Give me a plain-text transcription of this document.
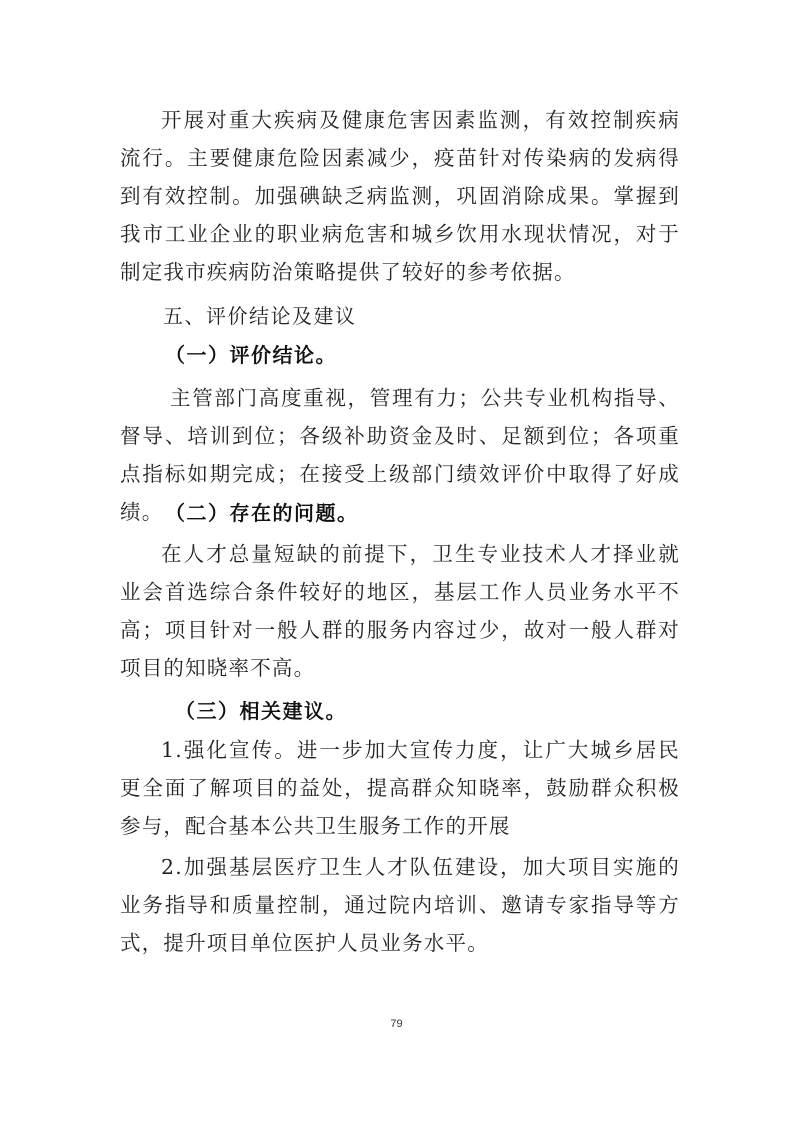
开展对重大疾病及健康危害因素监测，有效控制疾病流行。主要健康危险因素减少，疫苗针对传染病的发病得到有效控制。加强碘缺乏病监测，巩固消除成果。掌握到我市工业企业的职业病危害和城乡饮用水现状情况，对于制定我市疾病防治策略提供了较好的参考依据。
五、评价结论及建议
（一）评价结论。
主管部门高度重视，管理有力；公共专业机构指导、督导、培训到位；各级补助资金及时、足额到位；各项重点指标如期完成；在接受上级部门绩效评价中取得了好成绩。 （二）存在的问题。
在人才总量短缺的前提下，卫生专业技术人才择业就业会首选综合条件较好的地区，基层工作人员业务水平不高；项目针对一般人群的服务内容过少，故对一般人群对项目的知晓率不高。
（三）相关建议。
1.强化宣传。进一步加大宣传力度，让广大城乡居民更全面了解项目的益处，提高群众知晓率，鼓励群众积极参与，配合基本公共卫生服务工作的开展
2.加强基层医疗卫生人才队伍建设，加大项目实施的业务指导和质量控制，通过院内培训、邀请专家指导等方式，提升项目单位医护人员业务水平。
79
